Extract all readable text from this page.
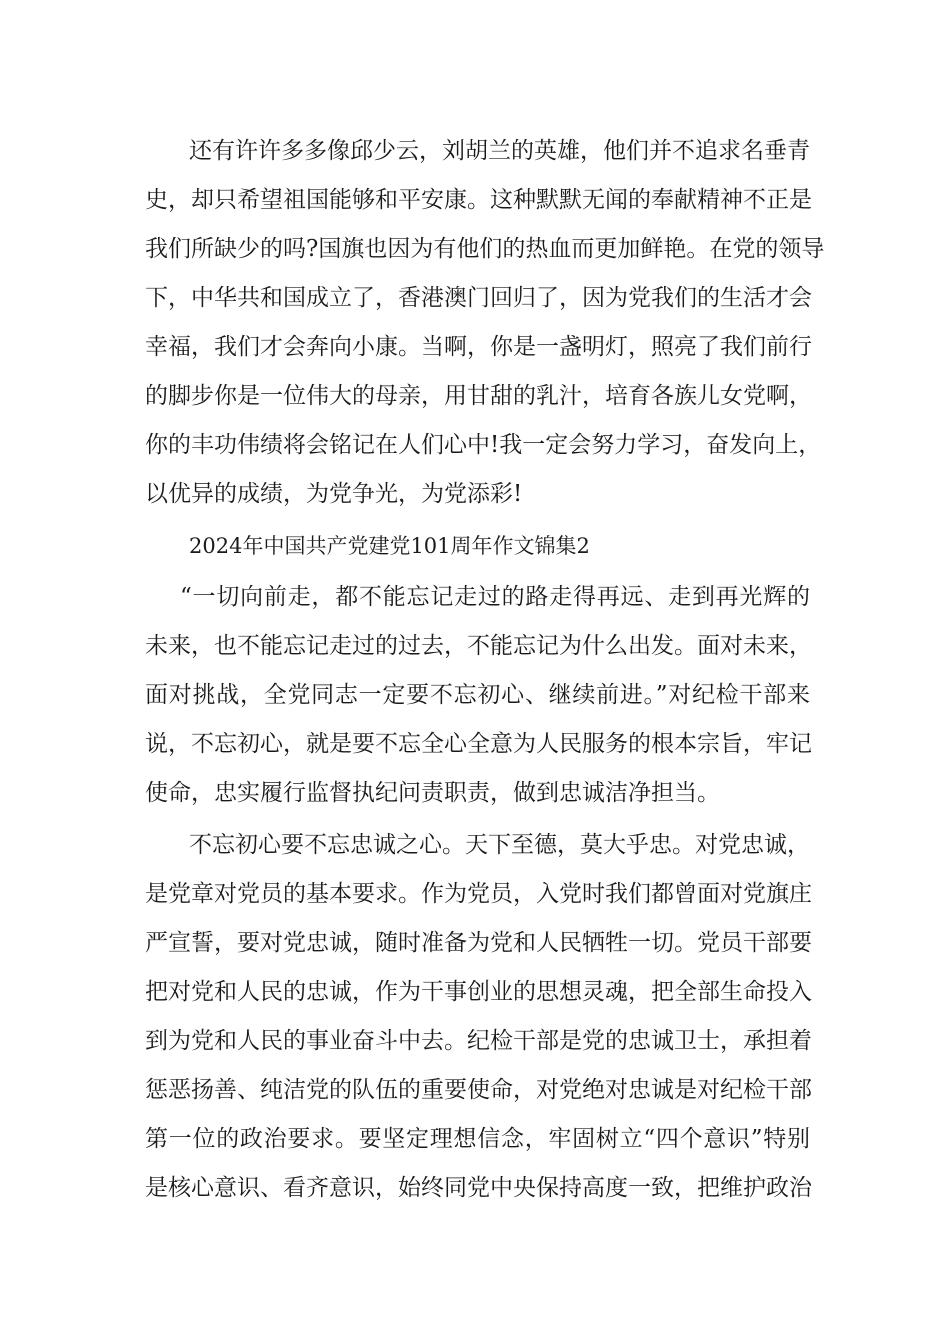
还有许许多多像邱少云，刘胡兰的英雄，他们并不追求名垂青
史，却只希望祖国能够和平安康。这种默默无闻的奉献精神不正是
我们所缺少的吗?国旗也因为有他们的热血而更加鲜艳。在党的领导
下，中华共和国成立了，香港澳门回归了，因为党我们的生活才会
幸福，我们才会奔向小康。当啊，你是一盏明灯，照亮了我们前行
的脚步你是一位伟大的母亲，用甘甜的乳汁，培育各族儿女党啊，
你的丰功伟绩将会铭记在人们心中!我一定会努力学习，奋发向上，
以优异的成绩，为党争光，为党添彩!
2024年中国共产党建党101周年作文锦集2
“一切向前走，都不能忘记走过的路走得再远、走到再光辉的
未来，也不能忘记走过的过去，不能忘记为什么出发。面对未来，
面对挑战，全党同志一定要不忘初心、继续前进。”对纪检干部来
说，不忘初心，就是要不忘全心全意为人民服务的根本宗旨，牢记
使命，忠实履行监督执纪问责职责，做到忠诚洁净担当。
不忘初心要不忘忠诚之心。天下至德，莫大乎忠。对党忠诚，
是党章对党员的基本要求。作为党员，入党时我们都曾面对党旗庄
严宣誓，要对党忠诚，随时准备为党和人民牺牲一切。党员干部要
把对党和人民的忠诚，作为干事创业的思想灵魂，把全部生命投入
到为党和人民的事业奋斗中去。纪检干部是党的忠诚卫士，承担着
惩恶扬善、纯洁党的队伍的重要使命，对党绝对忠诚是对纪检干部
第一位的政治要求。要坚定理想信念，牢固树立“四个意识”特别
是核心意识、看齐意识，始终同党中央保持高度一致，把维护政治
